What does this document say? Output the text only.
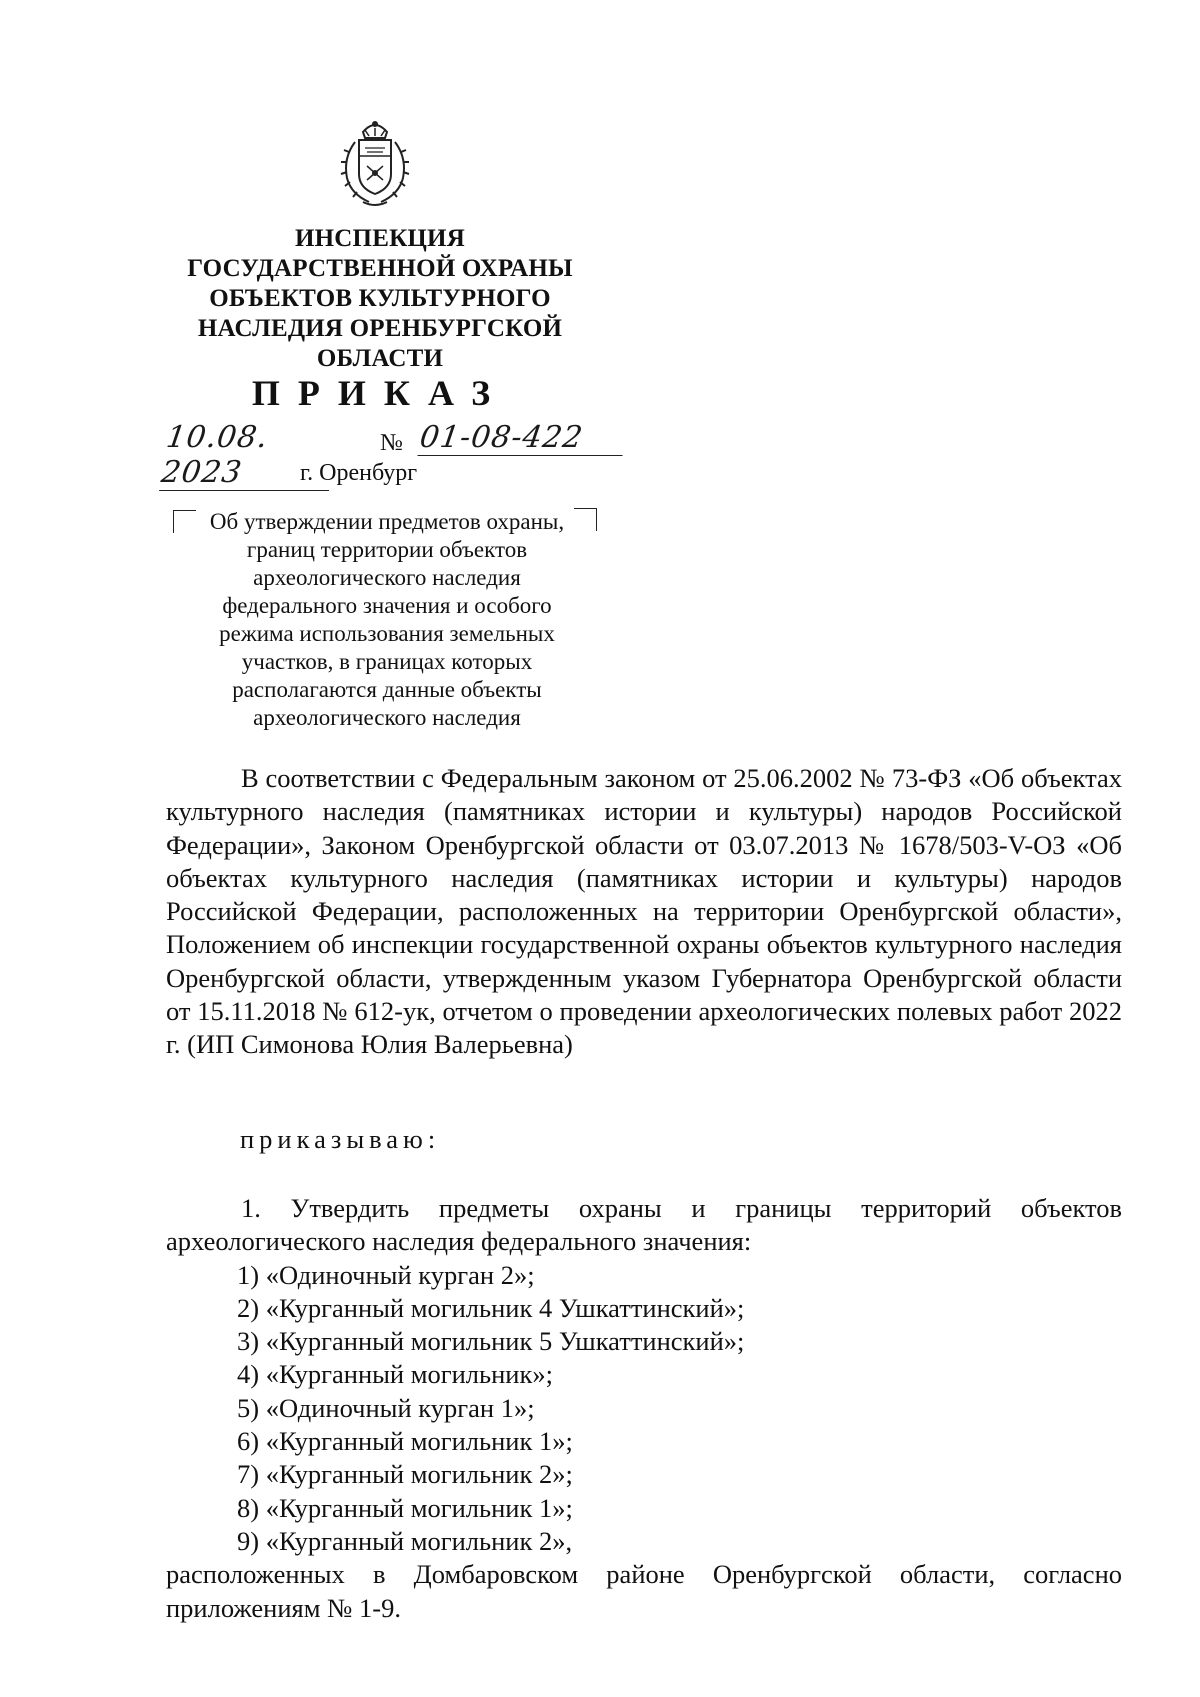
ИНСПЕКЦИЯ
ГОСУДАРСТВЕННОЙ ОХРАНЫ
ОБЪЕКТОВ КУЛЬТУРНОГО
НАСЛЕДИЯ ОРЕНБУРГСКОЙ
ОБЛАСТИ
ПРИКАЗ
10.08. 2023
№ 01-08-422
г. Оренбург
Об утверждении предметов охраны,
границ территории объектов
археологического наследия
федерального значения и особого
режима использования земельных
участков, в границах которых
располагаются данные объекты
археологического наследия

В соответствии с Федеральным законом от 25.06.2002 № 73-ФЗ «Об объектах культурного наследия (памятниках истории и культуры) народов Российской Федерации», Законом Оренбургской области от 03.07.2013 № 1678/503-V-ОЗ «Об объектах культурного наследия (памятниках истории и культуры) народов Российской Федерации, расположенных на территории Оренбургской области», Положением об инспекции государственной охраны объектов культурного наследия Оренбургской области, утвержденным указом Губернатора Оренбургской области от 15.11.2018 № 612-ук, отчетом о проведении археологических полевых работ 2022 г. (ИП Симонова Юлия Валерьевна)

приказываю:

1. Утвердить предметы охраны и границы территорий объектов археологического наследия федерального значения:

1) «Одиночный курган 2»;
2) «Курганный могильник 4 Ушкаттинский»;
3) «Курганный могильник 5 Ушкаттинский»;
4) «Курганный могильник»;
5) «Одиночный курган 1»;
6) «Курганный могильник 1»;
7) «Курганный могильник 2»;
8) «Курганный могильник 1»;
9) «Курганный могильник 2»,

расположенных в Домбаровском районе Оренбургской области, согласно приложениям № 1-9.
